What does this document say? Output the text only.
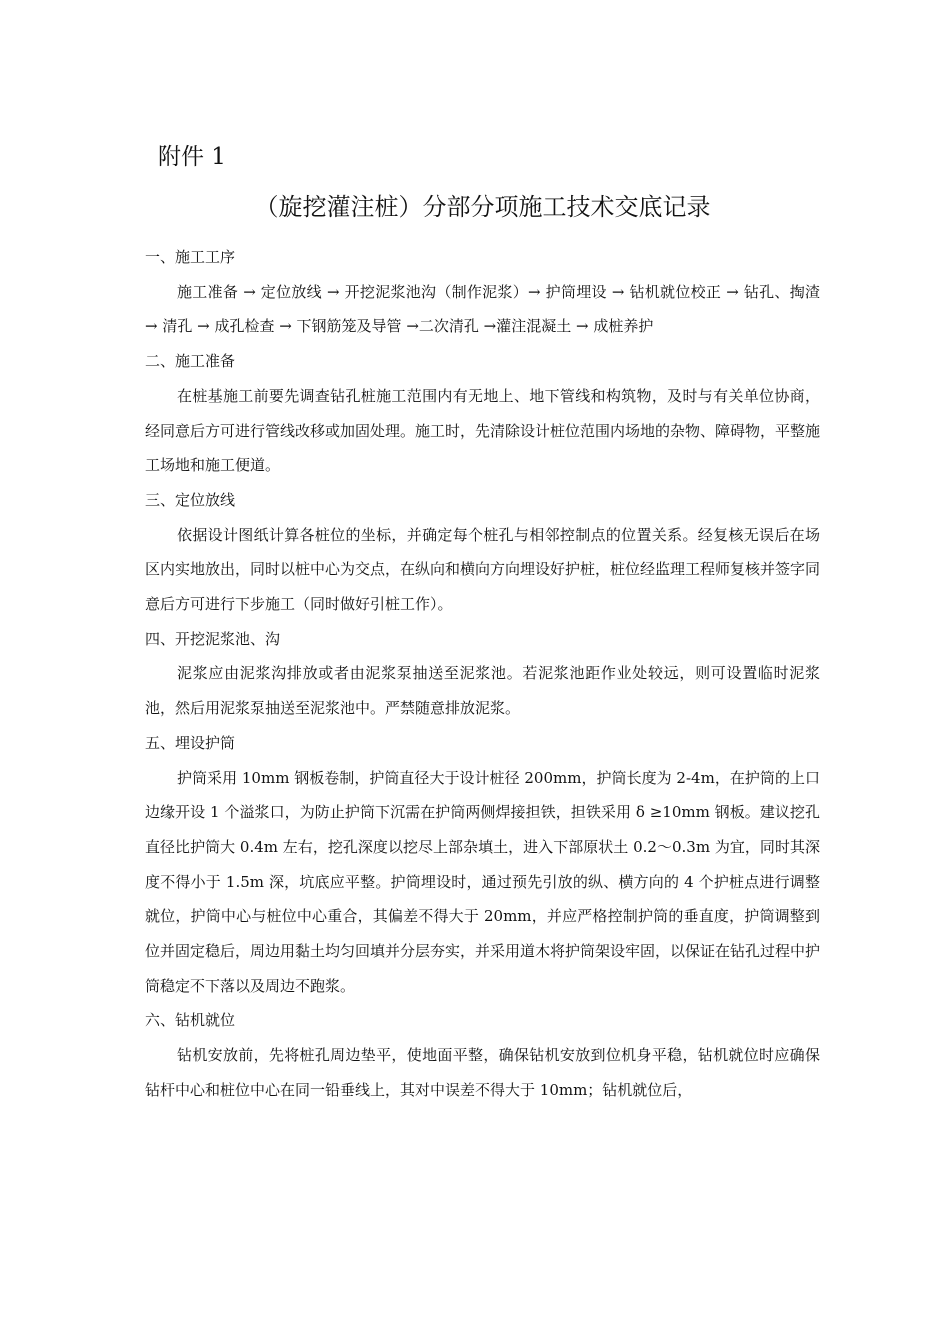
附件 1
（旋挖灌注桩）分部分项施工技术交底记录

一、施工工序

施工准备 → 定位放线 → 开挖泥浆池沟（制作泥浆）→ 护筒埋设 → 钻机就位校正 → 钻孔、掏渣→ 清孔 → 成孔检查 → 下钢筋笼及导管 →二次清孔 →灌注混凝土 → 成桩养护

二、施工准备

在桩基施工前要先调查钻孔桩施工范围内有无地上、地下管线和构筑物，及时与有关单位协商，经同意后方可进行管线改移或加固处理。施工时，先清除设计桩位范围内场地的杂物、障碍物，平整施工场地和施工便道。

三、定位放线

依据设计图纸计算各桩位的坐标，并确定每个桩孔与相邻控制点的位置关系。经复核无误后在场区内实地放出，同时以桩中心为交点，在纵向和横向方向埋设好护桩，桩位经监理工程师复核并签字同意后方可进行下步施工（同时做好引桩工作）。

四、开挖泥浆池、沟

泥浆应由泥浆沟排放或者由泥浆泵抽送至泥浆池。若泥浆池距作业处较远，则可设置临时泥浆池，然后用泥浆泵抽送至泥浆池中。严禁随意排放泥浆。

五、埋设护筒

护筒采用 10mm 钢板卷制，护筒直径大于设计桩径 200mm，护筒长度为 2-4m，在护筒的上口边缘开设 1 个溢浆口，为防止护筒下沉需在护筒两侧焊接担铁，担铁采用 δ ≥10mm 钢板。建议挖孔直径比护筒大 0.4m 左右，挖孔深度以挖尽上部杂填土，进入下部原状土 0.2～0.3m 为宜，同时其深度不得小于 1.5m 深，坑底应平整。护筒埋设时，通过预先引放的纵、横方向的 4 个护桩点进行调整就位，护筒中心与桩位中心重合，其偏差不得大于 20mm，并应严格控制护筒的垂直度，护筒调整到位并固定稳后，周边用黏土均匀回填并分层夯实，并采用道木将护筒架设牢固，以保证在钻孔过程中护筒稳定不下落以及周边不跑浆。

六、钻机就位

钻机安放前，先将桩孔周边垫平，使地面平整，确保钻机安放到位机身平稳，钻机就位时应确保钻杆中心和桩位中心在同一铅垂线上，其对中误差不得大于 10mm；钻机就位后，
